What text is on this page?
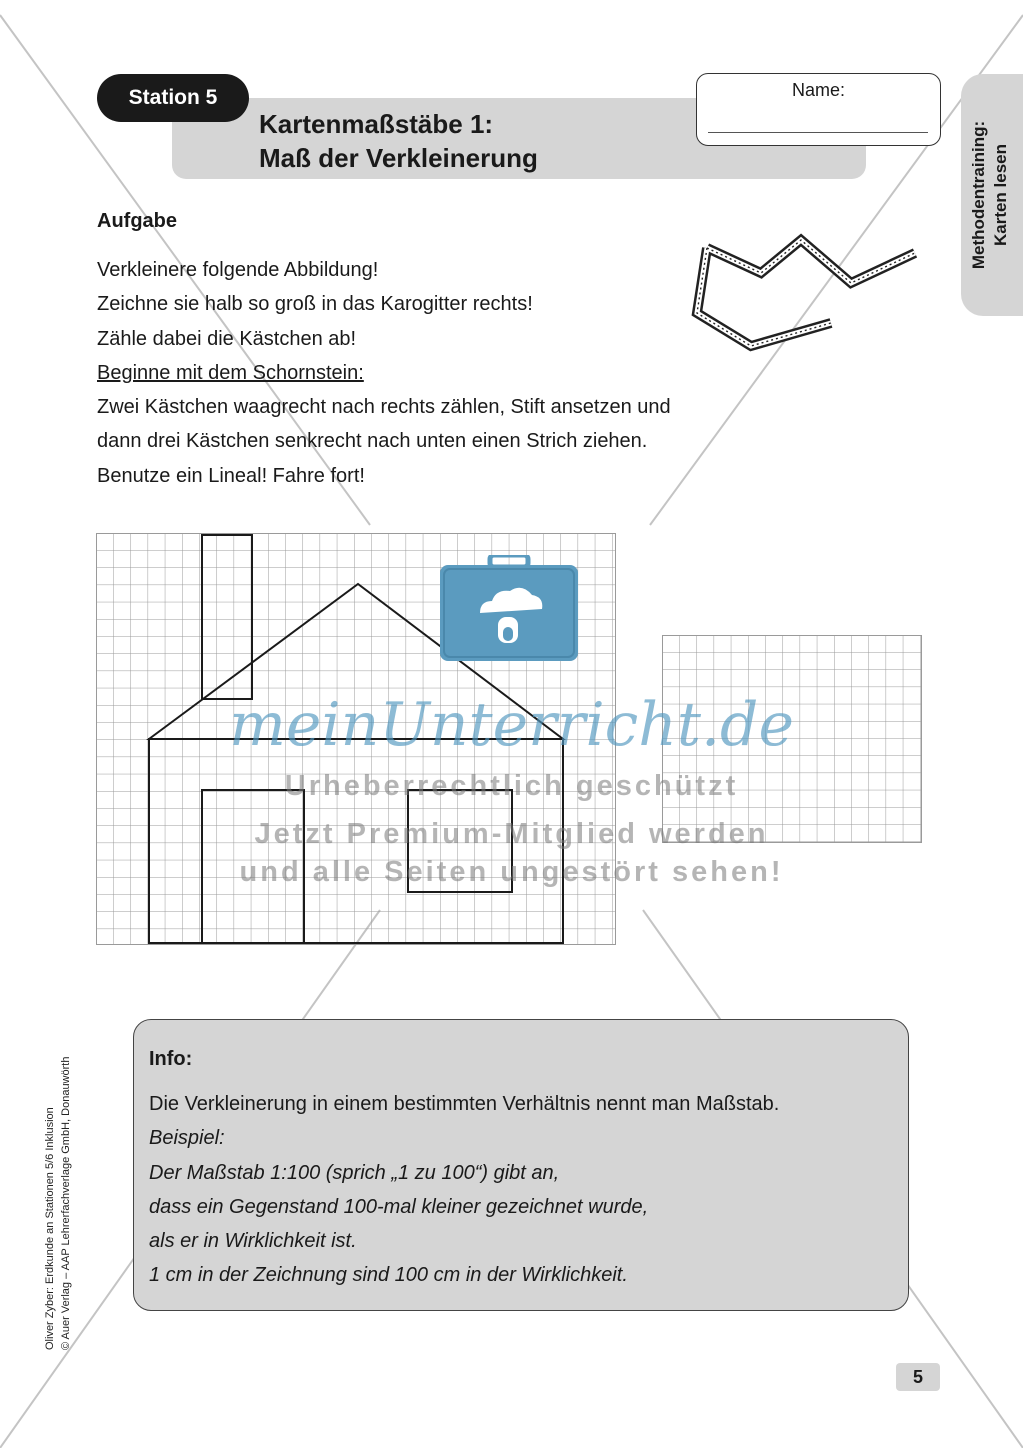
Station 5
Kartenmaßstäbe 1:
Maß der Verkleinerung
Name:
Methodentraining: Karten lesen
Aufgabe
Verkleinere folgende Abbildung!
Zeichne sie halb so groß in das Karogitter rechts!
Zähle dabei die Kästchen ab!
Beginne mit dem Schornstein:
Zwei Kästchen waagrecht nach rechts zählen, Stift ansetzen und
dann drei Kästchen senkrecht nach unten einen Strich ziehen.
Benutze ein Lineal! Fahre fort!
meinUnterricht.de
Urheberrechtlich geschützt
Jetzt Premium-Mitglied werden
und alle Seiten ungestört sehen!
Info:
Die Verkleinerung in einem bestimmten Verhältnis nennt man Maßstab.
Beispiel:
Der Maßstab 1:100 (sprich „1 zu 100“) gibt an,
dass ein Gegenstand 100-mal kleiner gezeichnet wurde,
als er in Wirklichkeit ist.
1 cm in der Zeichnung sind 100 cm in der Wirklichkeit.
Oliver Zyber: Erdkunde an Stationen 5/6 Inklusion © Auer Verlag – AAP Lehrerfachverlage GmbH, Donauwörth
5
